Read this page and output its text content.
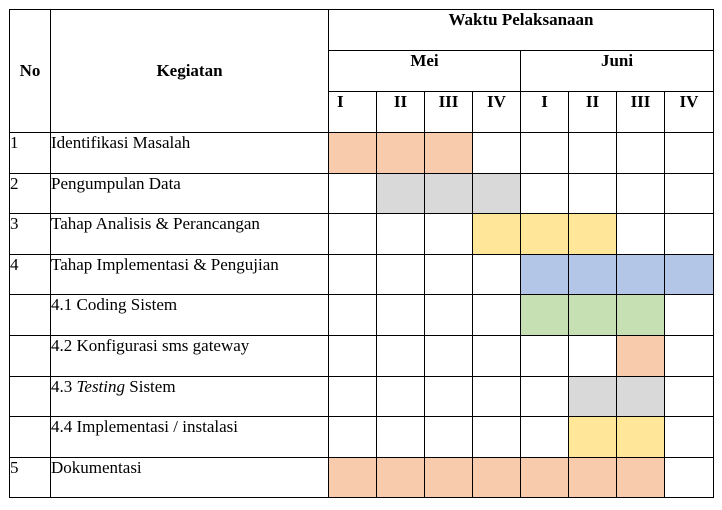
No	Kegiatan	Waktu Pelaksanaan							
		Mei				Juni			
		I	II	III	IV	I	II	III	IV
1	Identifikasi Masalah								
2	Pengumpulan Data								
3	Tahap Analisis & Perancangan								
4	Tahap Implementasi & Pengujian								
	4.1 Coding Sistem								
	4.2 Konfigurasi sms gateway								
	4.3 Testing Sistem								
	4.4 Implementasi / instalasi								
5	Dokumentasi								
